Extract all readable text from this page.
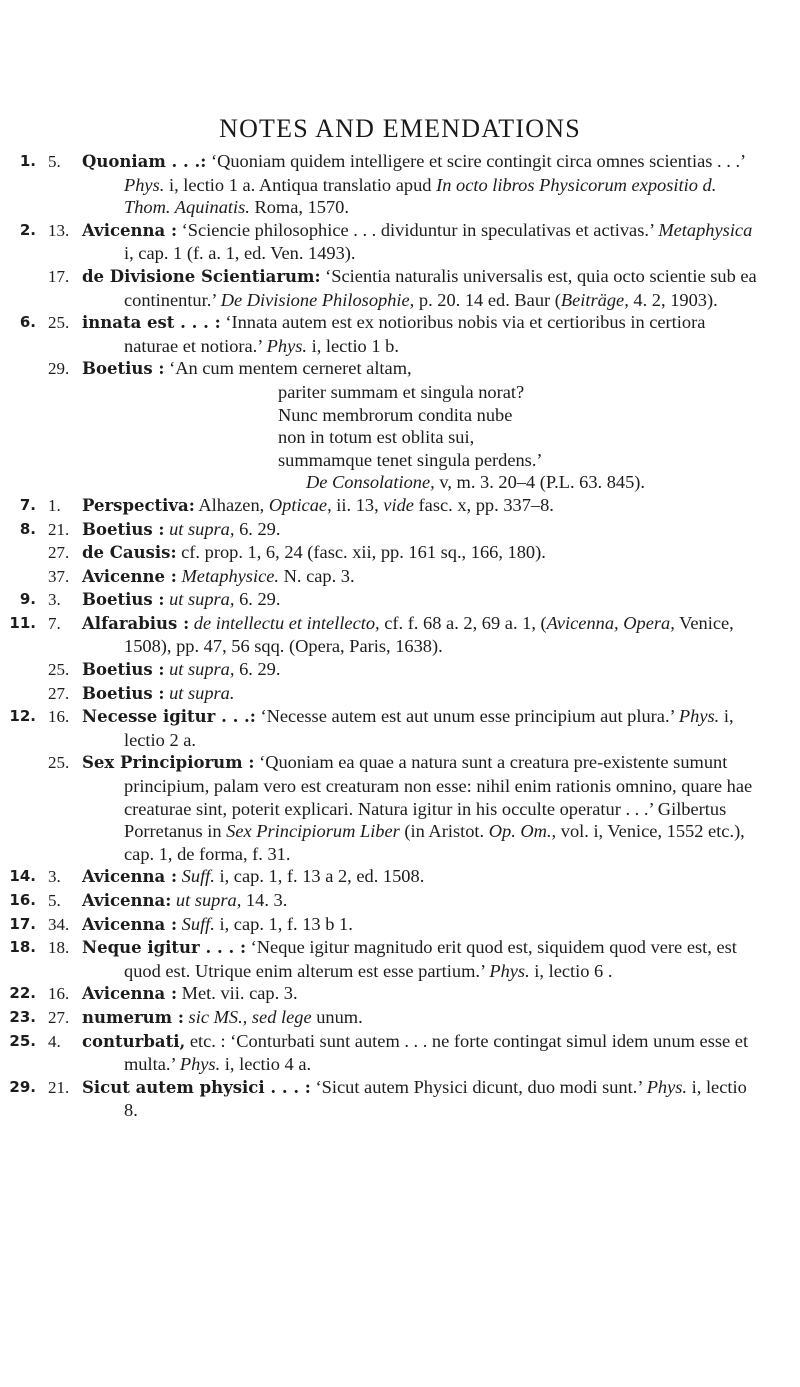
NOTES AND EMENDATIONS
1. 5. Quoniam . . .: ‘Quoniam quidem intelligere et scire contingit circa omnes scientias . . .’ Phys. i, lectio 1 a. Antiqua translatio apud In octo libros Physicorum expositio d. Thom. Aquinatis. Roma, 1570.
2. 13. Avicenna : ‘Sciencie philosophice . . . dividuntur in speculativas et activas.’ Metaphysica i, cap. 1 (f. a. 1, ed. Ven. 1493).
17. de Divisione Scientiarum: ‘Scientia naturalis universalis est, quia octo scientie sub ea continentur.’ De Divisione Philosophie, p. 20. 14 ed. Baur (Beiträge, 4. 2, 1903).
6. 25. innata est . . . : ‘Innata autem est ex notioribus nobis via et certioribus in certiora naturae et notiora.’ Phys. i, lectio 1 b.
29. Boetius : ‘An cum mentem cerneret altam,
pariter summam et singula norat?
Nunc membrorum condita nube
non in totum est oblita sui,
summamque tenet singula perdens.’
De Consolatione, v, m. 3. 20–4 (P.L. 63. 845).
7. 1. Perspectiva: Alhazen, Opticae, ii. 13, vide fasc. x, pp. 337–8.
8. 21. Boetius : ut supra, 6. 29.
27. de Causis: cf. prop. 1, 6, 24 (fasc. xii, pp. 161 sq., 166, 180).
37. Avicenne : Metaphysice. N. cap. 3.
9. 3. Boetius : ut supra, 6. 29.
11. 7. Alfarabius : de intellectu et intellecto, cf. f. 68 a. 2, 69 a. 1, (Avicenna, Opera, Venice, 1508), pp. 47, 56 sqq. (Opera, Paris, 1638).
25. Boetius : ut supra, 6. 29.
27. Boetius : ut supra.
12. 16. Necesse igitur . . .: ‘Necesse autem est aut unum esse principium aut plura.’ Phys. i, lectio 2 a.
25. Sex Principiorum : ‘Quoniam ea quae a natura sunt a creatura pre-existente sumunt principium, palam vero est creaturam non esse: nihil enim rationis omnino, quare hae creaturae sint, poterit explicari. Natura igitur in his occulte operatur . . .’ Gilbertus Porretanus in Sex Principiorum Liber (in Aristot. Op. Om., vol. i, Venice, 1552 etc.), cap. 1, de forma, f. 31.
14. 3. Avicenna : Suff. i, cap. 1, f. 13 a 2, ed. 1508.
16. 5. Avicenna: ut supra, 14. 3.
17. 34. Avicenna : Suff. i, cap. 1, f. 13 b 1.
18. 18. Neque igitur . . . : ‘Neque igitur magnitudo erit quod est, siquidem quod vere est, est quod est. Utrique enim alterum est esse partium.’ Phys. i, lectio 6 .
22. 16. Avicenna : Met. vii. cap. 3.
23. 27. numerum : sic MS., sed lege unum.
25. 4. conturbati, etc. : ‘Conturbati sunt autem . . . ne forte contingat simul idem unum esse et multa.’ Phys. i, lectio 4 a.
29. 21. Sicut autem physici . . . : ‘Sicut autem Physici dicunt, duo modi sunt.’ Phys. i, lectio 8.
